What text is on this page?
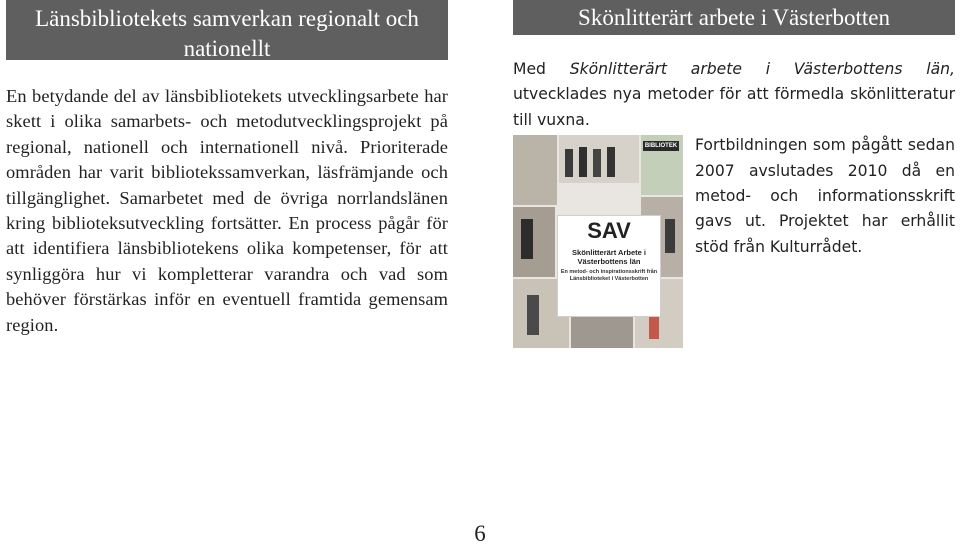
Länsbibliotekets samverkan regionalt och nationellt
En betydande del av länsbibliotekets utvecklingsarbete har skett i olika samarbets- och metodutvecklingsprojekt på regional, nationell och internationell nivå. Prioriterade områden har varit bibliotekssamverkan, läsfrämjande och tillgänglighet. Samarbetet med de övriga norrlandslänen kring biblioteksutveckling fortsätter. En process pågår för att identifiera länsbibliotekens olika kompetenser, för att synliggöra hur vi kompletterar varandra och vad som behöver förstärkas inför en eventuell framtida gemensam region.
Skönlitterärt arbete i Västerbotten
Med Skönlitterärt arbete i Västerbottens län, utvecklades nya metoder för att förmedla skönlitteratur till vuxna.
BIBLIOTEK
SAV
Skönlitterärt Arbete i Västerbottens län
En metod- och inspirationsskrift från Länsbiblioteket i Västerbotten
Fortbildningen som pågått sedan 2007 avslutades 2010 då en metod- och informationsskrift gavs ut. Projektet har erhållit stöd från Kulturrådet.
6
